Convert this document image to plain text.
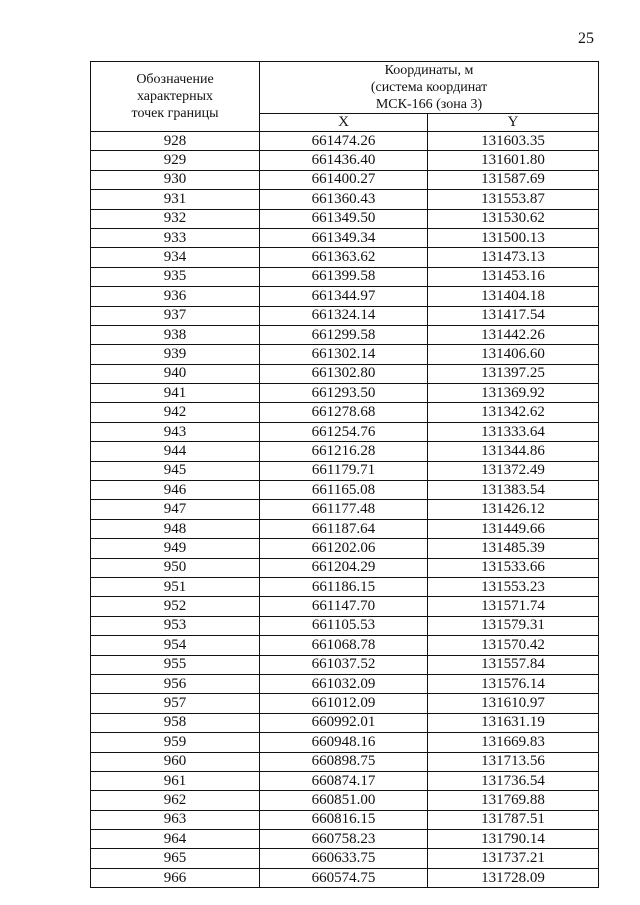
25
Обозначение
характерных
точек границы	Координаты, м
(система координат
МСК-166 (зона 3)	
	X	Y
928	661474.26	131603.35
929	661436.40	131601.80
930	661400.27	131587.69
931	661360.43	131553.87
932	661349.50	131530.62
933	661349.34	131500.13
934	661363.62	131473.13
935	661399.58	131453.16
936	661344.97	131404.18
937	661324.14	131417.54
938	661299.58	131442.26
939	661302.14	131406.60
940	661302.80	131397.25
941	661293.50	131369.92
942	661278.68	131342.62
943	661254.76	131333.64
944	661216.28	131344.86
945	661179.71	131372.49
946	661165.08	131383.54
947	661177.48	131426.12
948	661187.64	131449.66
949	661202.06	131485.39
950	661204.29	131533.66
951	661186.15	131553.23
952	661147.70	131571.74
953	661105.53	131579.31
954	661068.78	131570.42
955	661037.52	131557.84
956	661032.09	131576.14
957	661012.09	131610.97
958	660992.01	131631.19
959	660948.16	131669.83
960	660898.75	131713.56
961	660874.17	131736.54
962	660851.00	131769.88
963	660816.15	131787.51
964	660758.23	131790.14
965	660633.75	131737.21
966	660574.75	131728.09
